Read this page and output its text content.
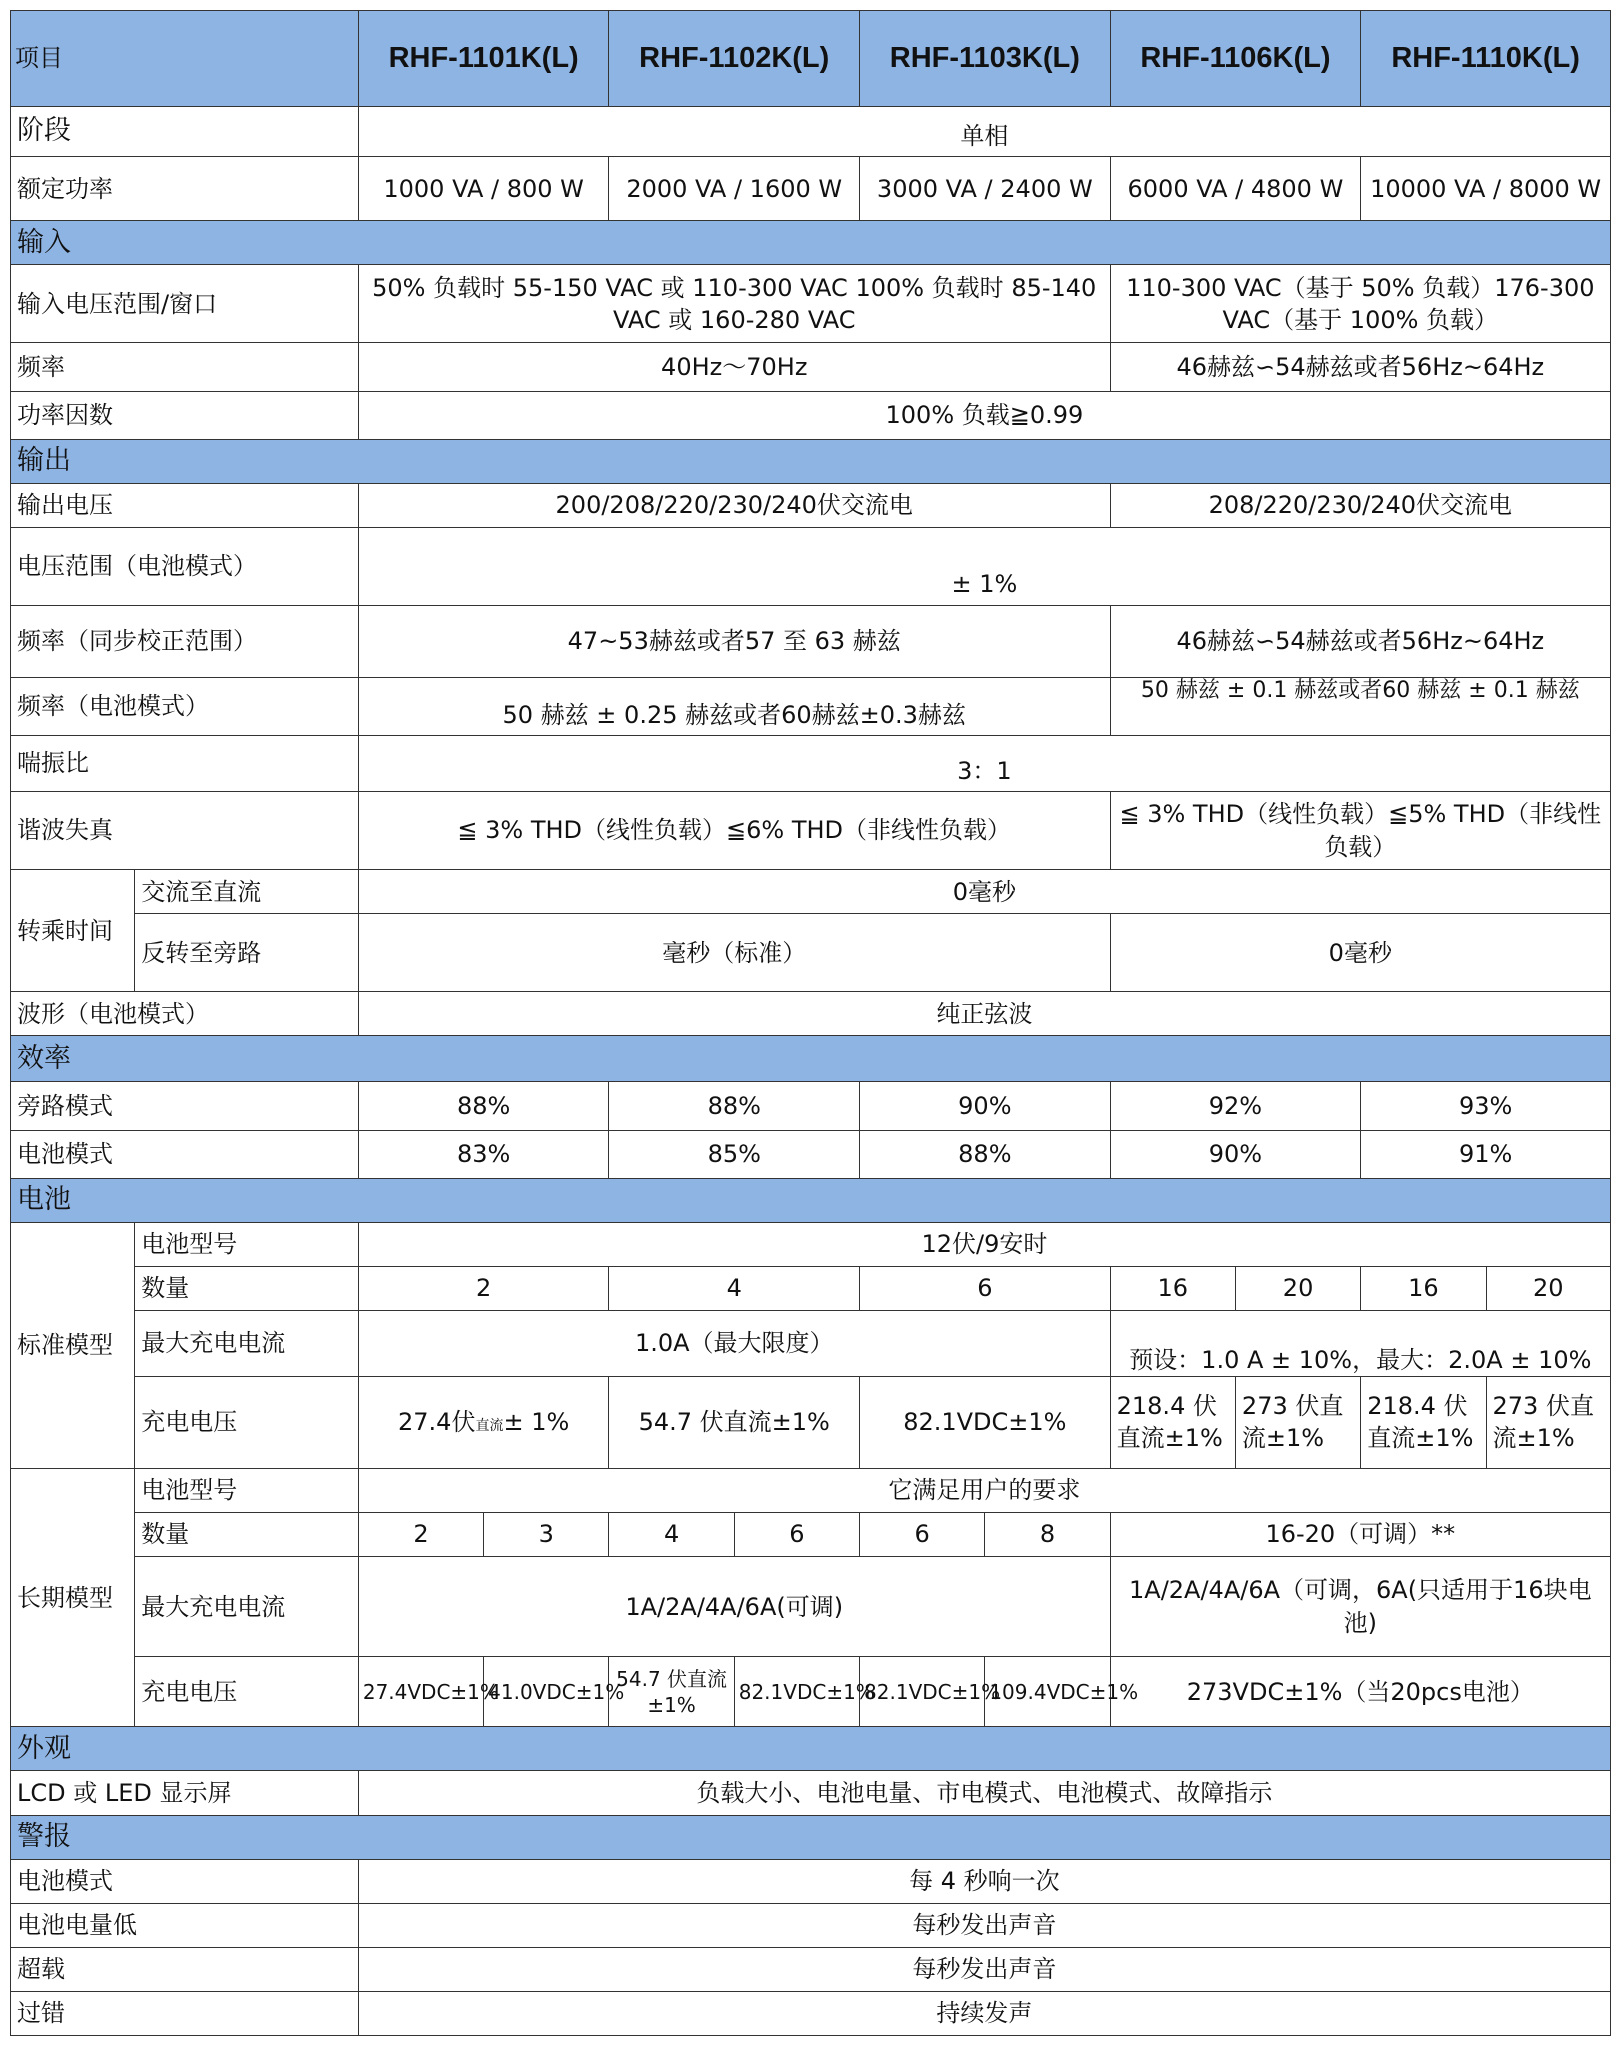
项目		RHF-1101K(L)		RHF-1102K(L)		RHF-1103K(L)		RHF-1106K(L)		RHF-1110K(L)	
阶段		单相									
额定功率		1000 VA / 800 W		2000 VA / 1600 W		3000 VA / 2400 W		6000 VA / 4800 W		10000 VA / 8000 W	
输入											
输入电压范围/窗口		50% 负载时 55-150 VAC 或 110-300 VAC 100% 负载时 85-140 VAC 或 160-280 VAC						110-300 VAC（基于 50% 负载）176-300 VAC（基于 100% 负载）			
频率		40Hz～70Hz						46赫兹∽54赫兹或者56Hz~64Hz			
功率因数		100% 负载≧0.99									
输出											
输出电压		200/208/220/230/240伏交流电						208/220/230/240伏交流电			
电压范围（电池模式）		± 1%									
频率（同步校正范围）		47~53赫兹或者57 至 63 赫兹						46赫兹∽54赫兹或者56Hz~64Hz			
频率（电池模式）		50 赫兹 ± 0.25 赫兹或者60赫兹±0.3赫兹						50 赫兹 ± 0.1 赫兹或者60 赫兹 ± 0.1 赫兹			
喘振比		3：1									
谐波失真		≦ 3% THD（线性负载）≦6% THD（非线性负载）						≦ 3% THD（线性负载）≦5% THD（非线性负载）			
转乘时间	交流至直流	0毫秒									
	反转至旁路	毫秒（标准）						0毫秒			
波形（电池模式）		纯正弦波									
效率											
旁路模式		88%		88%		90%		92%		93%	
电池模式		83%		85%		88%		90%		91%	
电池											
标准模型	电池型号	12伏/9安时									
	数量	2		4		6		16	20	16	20
	最大充电电流	1.0A（最大限度）						预设：1.0 A ± 10%，最大：2.0A ± 10%			
	充电电压	27.4伏直流± 1%		54.7 伏直流±1%		82.1VDC±1%		218.4 伏直流±1%	273 伏直流±1%	218.4 伏直流±1%	273 伏直流±1%
长期模型	电池型号	它满足用户的要求									
	数量	2	3	4	6	6	8	16-20（可调）**			
	最大充电电流	1A/2A/4A/6A(可调)						1A/2A/4A/6A（可调，6A(只适用于16块电池)			
	充电电压	27.4VDC±1%	41.0VDC±1%	54.7 伏直流±1%	82.1VDC±1%	82.1VDC±1%	109.4VDC±1%	273VDC±1%（当20pcs电池）			
外观											
LCD 或 LED 显示屏		负载大小、电池电量、市电模式、电池模式、故障指示									
警报											
电池模式		每 4 秒响一次									
电池电量低		每秒发出声音									
超载		每秒发出声音									
过错		持续发声									
